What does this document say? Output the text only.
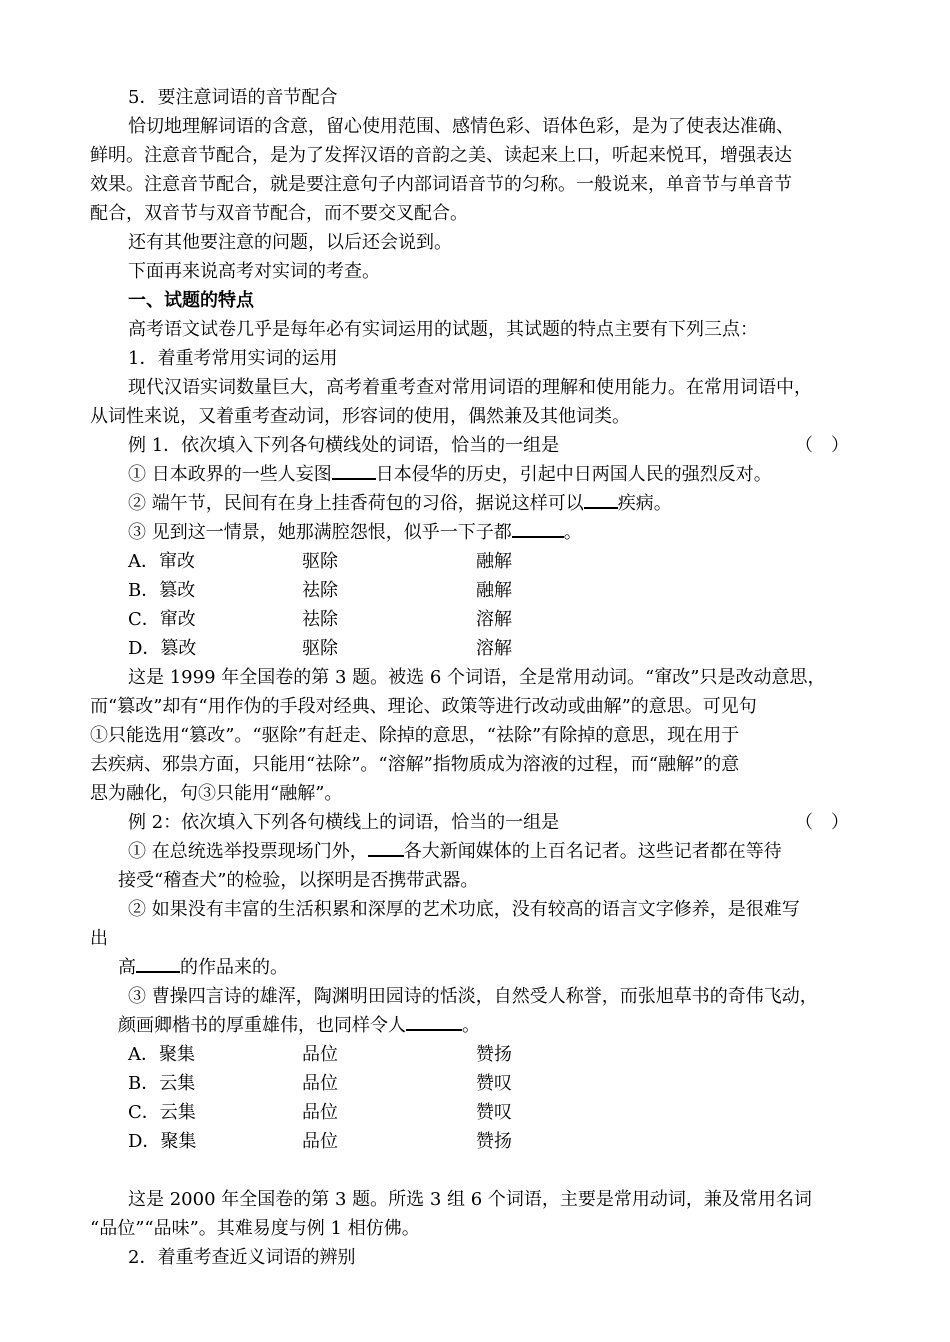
5．要注意词语的音节配合
恰切地理解词语的含意，留心使用范围、感情色彩、语体色彩，是为了使表达准确、
鲜明。注意音节配合，是为了发挥汉语的音韵之美、读起来上口，听起来悦耳，增强表达
效果。注意音节配合，就是要注意句子内部词语音节的匀称。一般说来，单音节与单音节
配合，双音节与双音节配合，而不要交叉配合。
还有其他要注意的问题，以后还会说到。
下面再来说高考对实词的考查。
一、试题的特点
高考语文试卷几乎是每年必有实词运用的试题，其试题的特点主要有下列三点：
1．着重考常用实词的运用
现代汉语实词数量巨大，高考着重考查对常用词语的理解和使用能力。在常用词语中，
从词性来说，又着重考查动词，形容词的使用，偶然兼及其他词类。
例 1．依次填入下列各句横线处的词语，恰当的一组是	（　）
① 日本政界的一些人妄图 日本侵华的历史，引起中日两国人民的强烈反对。
② 端午节，民间有在身上挂香荷包的习俗，据说这样可以 疾病。
③ 见到这一情景，她那满腔怨恨，似乎一下子都	。
A．窜改	驱除	融解
B．篡改	祛除	融解
C．窜改	祛除	溶解
D．篡改	驱除	溶解
这是 1999 年全国卷的第 3 题。被选 6 个词语，全是常用动词。“窜改”只是改动意思，
而“篡改”却有“用作伪的手段对经典、理论、政策等进行改动或曲解”的意思。可见句
①只能选用“篡改”。“驱除”有赶走、除掉的意思，“祛除”有除掉的意思，现在用于
去疾病、邪祟方面，只能用“祛除”。“溶解”指物质成为溶液的过程，而“融解”的意
思为融化，句③只能用“融解”。
例 2：依次填入下列各句横线上的词语，恰当的一组是	（　）
① 在总统选举投票现场门外， 各大新闻媒体的上百名记者。这些记者都在等待
接受“稽查犬”的检验，以探明是否携带武器。
② 如果没有丰富的生活积累和深厚的艺术功底，没有较高的语言文字修养，是很难写
出
高 的作品来的。
③ 曹操四言诗的雄浑，陶渊明田园诗的恬淡，自然受人称誉，而张旭草书的奇伟飞动，
颜画卿楷书的厚重雄伟，也同样令人	。
A．聚集	品位	赞扬
B．云集	品位	赞叹
C．云集	品位	赞叹
D．聚集	品位	赞扬
这是 2000 年全国卷的第 3 题。所选 3 组 6 个词语，主要是常用动词，兼及常用名词
“品位”“品味”。其难易度与例 1 相仿佛。
2．着重考查近义词语的辨别
